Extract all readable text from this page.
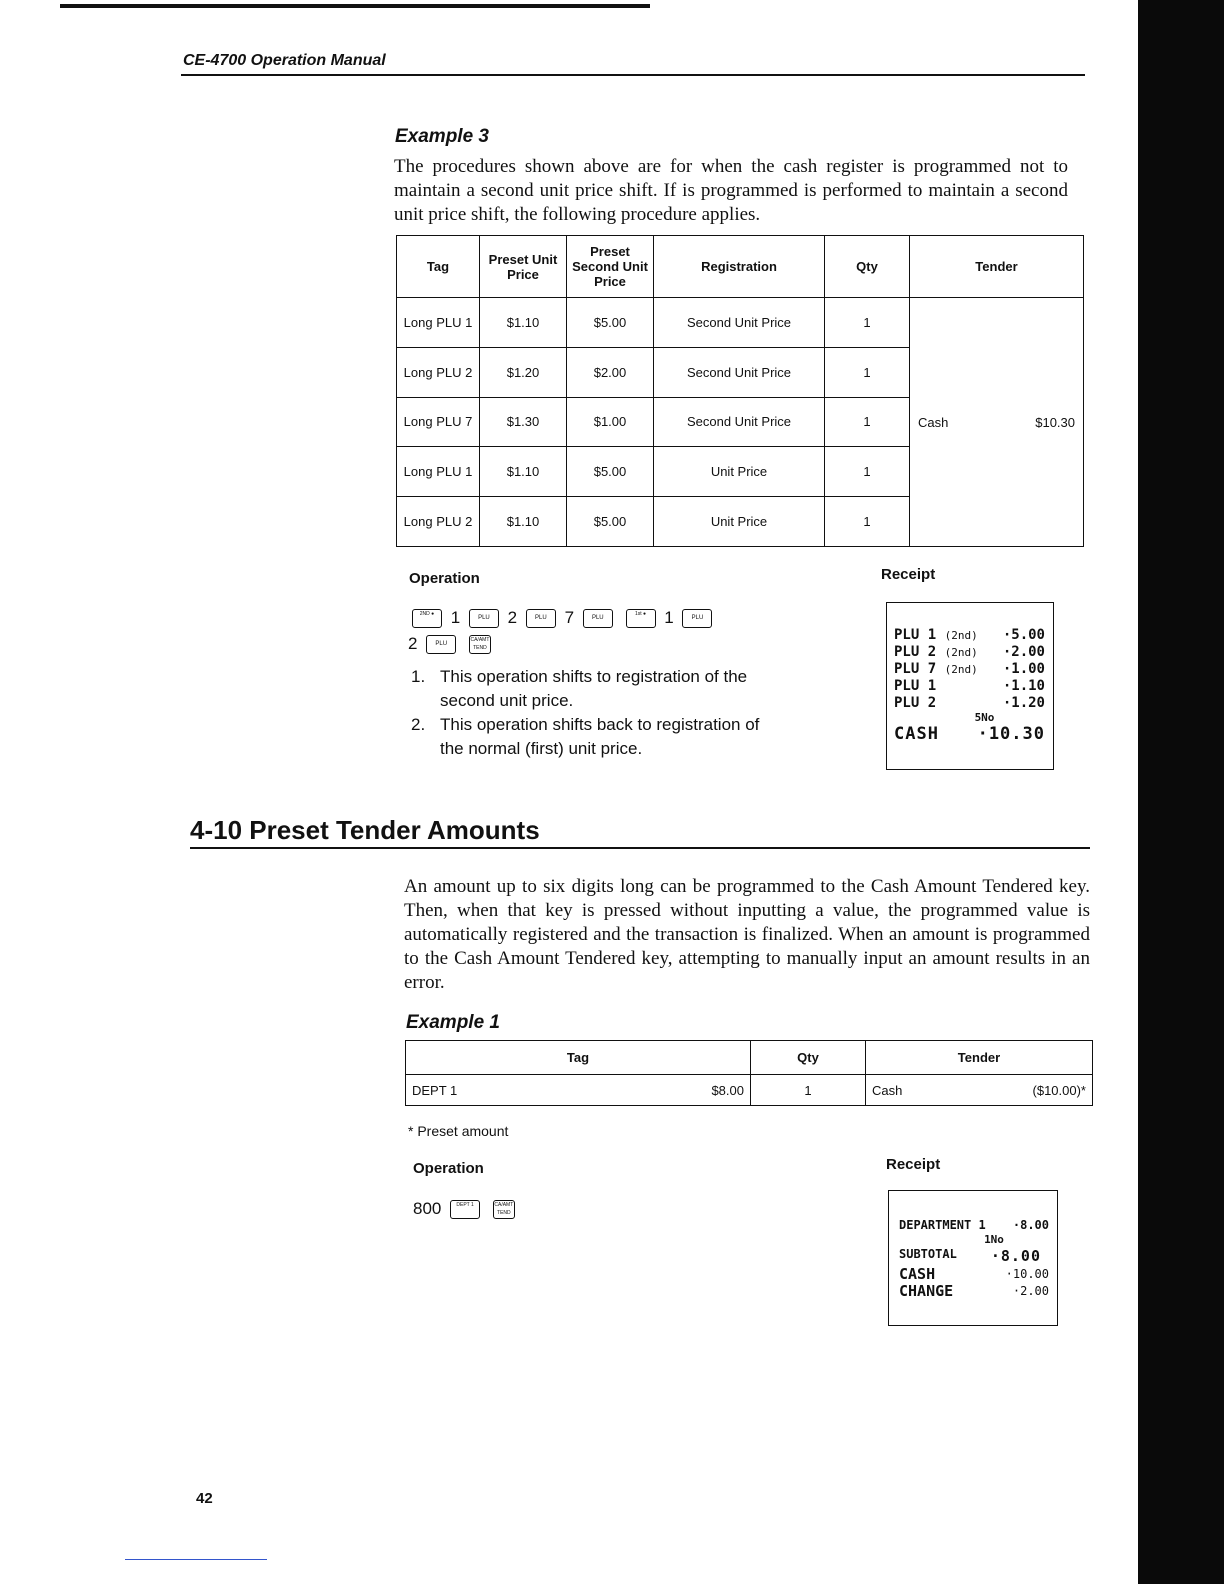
CE-4700 Operation Manual
Example 3
The procedures shown above are for when the cash register is programmed not to maintain a second unit price shift. If is programmed is performed to maintain a second unit price shift, the following procedure applies.
Tag	Preset Unit Price	Preset Second Unit Price	Registration	Qty	Tender
Long PLU 1	$1.10	$5.00	Second Unit Price	1	Cash $10.30

Long PLU 2	$1.20	$2.00	Second Unit Price	1	
Long PLU 7	$1.30	$1.00	Second Unit Price	1	
Long PLU 1	$1.10	$5.00	Unit Price	1	
Long PLU 2	$1.10	$5.00	Unit Price	1	
Operation
2ND ● 1	PLU 2	PLU 7	PLU 1st ● 1	PLU
2	PLU CA/AMT TEND
1. This operation shifts to registration of the second unit price.
2. This operation shifts back to registration of the normal (first) unit price.
Receipt
PLU 1 (2nd) ·5.00
PLU 2 (2nd) ·2.00
PLU 7 (2nd) ·1.00
PLU 1	·1.10
PLU 2	·1.20
5No
CASH ·10.30
4-10 Preset Tender Amounts
An amount up to six digits long can be programmed to the Cash Amount Tendered key. Then, when that key is pressed without inputting a value, the programmed value is automatically registered and the transaction is finalized. When an amount is programmed to the Cash Amount Tendered key, attempting to manually input an amount results in an error.
Example 1
Tag	Qty	Tender

DEPT 1 $8.00	1	Cash ($10.00)*
* Preset amount
Operation
800	DEPT 1	CA/AMT TEND
Receipt
DEPARTMENT 1 ·8.00
1No
SUBTOTAL ·8.00
CASH	·10.00
CHANGE	·2.00
42
